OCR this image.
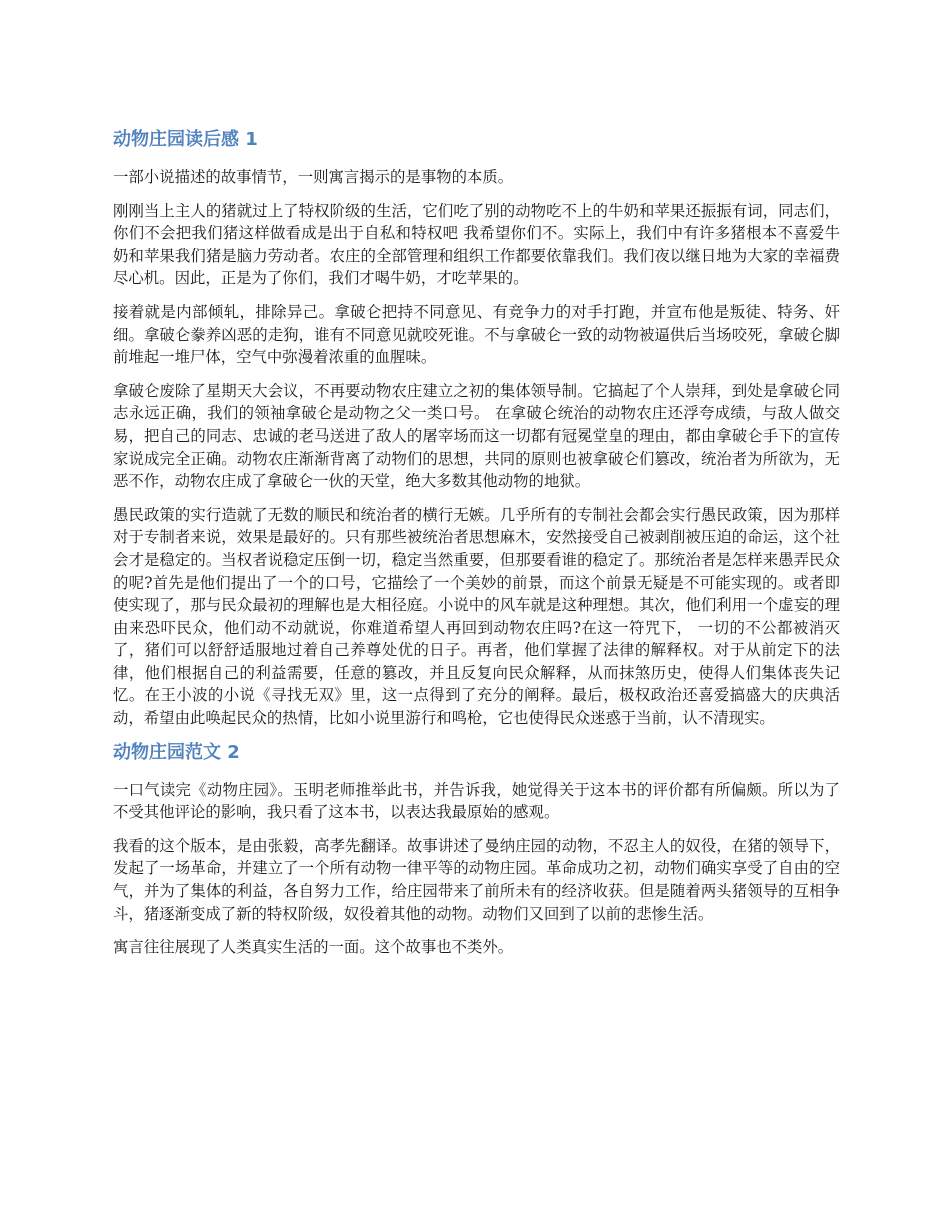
动物庄园读后感 1

一部小说描述的故事情节，一则寓言揭示的是事物的本质。

刚刚当上主人的猪就过上了特权阶级的生活，它们吃了别的动物吃不上的牛奶和苹果还振振有词，同志们，你们不会把我们猪这样做看成是出于自私和特权吧 我希望你们不。实际上，我们中有许多猪根本不喜爱牛奶和苹果我们猪是脑力劳动者。农庄的全部管理和组织工作都要依靠我们。我们夜以继日地为大家的幸福费尽心机。因此，正是为了你们，我们才喝牛奶，才吃苹果的。

接着就是内部倾轧，排除异己。拿破仑把持不同意见、有竞争力的对手打跑，并宣布他是叛徒、特务、奸细。拿破仑豢养凶恶的走狗，谁有不同意见就咬死谁。不与拿破仑一致的动物被逼供后当场咬死，拿破仑脚前堆起一堆尸体，空气中弥漫着浓重的血腥味。

拿破仑废除了星期天大会议，不再要动物农庄建立之初的集体领导制。它搞起了个人崇拜，到处是拿破仑同志永远正确，我们的领袖拿破仑是动物之父一类口号。 在拿破仑统治的动物农庄还浮夸成绩，与敌人做交易，把自己的同志、忠诚的老马送进了敌人的屠宰场而这一切都有冠冕堂皇的理由，都由拿破仑手下的宣传家说成完全正确。动物农庄渐渐背离了动物们的思想，共同的原则也被拿破仑们篡改，统治者为所欲为，无恶不作，动物农庄成了拿破仑一伙的天堂，绝大多数其他动物的地狱。

愚民政策的实行造就了无数的顺民和统治者的横行无嫉。几乎所有的专制社会都会实行愚民政策，因为那样对于专制者来说，效果是最好的。只有那些被统治者思想麻木，安然接受自己被剥削被压迫的命运，这个社会才是稳定的。当权者说稳定压倒一切，稳定当然重要，但那要看谁的稳定了。那统治者是怎样来愚弄民众的呢?首先是他们提出了一个的口号，它描绘了一个美妙的前景，而这个前景无疑是不可能实现的。或者即使实现了，那与民众最初的理解也是大相径庭。小说中的风车就是这种理想。其次，他们利用一个虚妄的理由来恐吓民众，他们动不动就说，你难道希望人再回到动物农庄吗?在这一符咒下， 一切的不公都被消灭了，猪们可以舒舒适服地过着自己养尊处优的日子。再者，他们掌握了法律的解释权。对于从前定下的法律，他们根据自己的利益需要，任意的篡改，并且反复向民众解释，从而抹煞历史，使得人们集体丧失记忆。在王小波的小说《寻找无双》里，这一点得到了充分的阐释。最后，极权政治还喜爱搞盛大的庆典活动，希望由此唤起民众的热情，比如小说里游行和鸣枪，它也使得民众迷惑于当前，认不清现实。

动物庄园范文 2

一口气读完《动物庄园》。玉明老师推举此书，并告诉我，她觉得关于这本书的评价都有所偏颇。所以为了不受其他评论的影响，我只看了这本书，以表达我最原始的感观。

我看的这个版本，是由张毅，高孝先翻译。故事讲述了曼纳庄园的动物，不忍主人的奴役，在猪的领导下，发起了一场革命，并建立了一个所有动物一律平等的动物庄园。革命成功之初，动物们确实享受了自由的空气，并为了集体的利益，各自努力工作，给庄园带来了前所未有的经济收获。但是随着两头猪领导的互相争斗，猪逐渐变成了新的特权阶级，奴役着其他的动物。动物们又回到了以前的悲惨生活。

寓言往往展现了人类真实生活的一面。这个故事也不类外。
